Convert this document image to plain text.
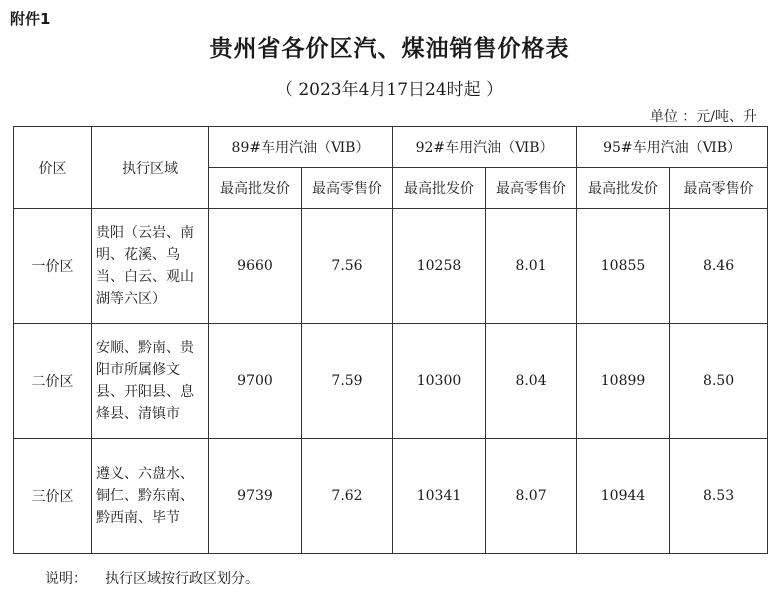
附件1
贵州省各价区汽、煤油销售价格表
（ 2023年4月17日24时起 ）
单位 ：元/吨、升
价区	执行区域	89#车用汽油（ⅥB）		92#车用汽油（ⅥB）		95#车用汽油（ⅥB）	
		最高批发价	最高零售价	最高批发价	最高零售价	最高批发价	最高零售价
一价区	贵阳（云岩、南明、花溪、乌当、白云、观山湖等六区）	9660	7.56	10258	8.01	10855	8.46
二价区	安顺、黔南、贵阳市所属修文县、开阳县、息烽县、清镇市	9700	7.59	10300	8.04	10899	8.50
三价区	遵义、六盘水、铜仁、黔东南、黔西南、毕节	9739	7.62	10341	8.07	10944	8.53
说明： 执行区域按行政区划分。
